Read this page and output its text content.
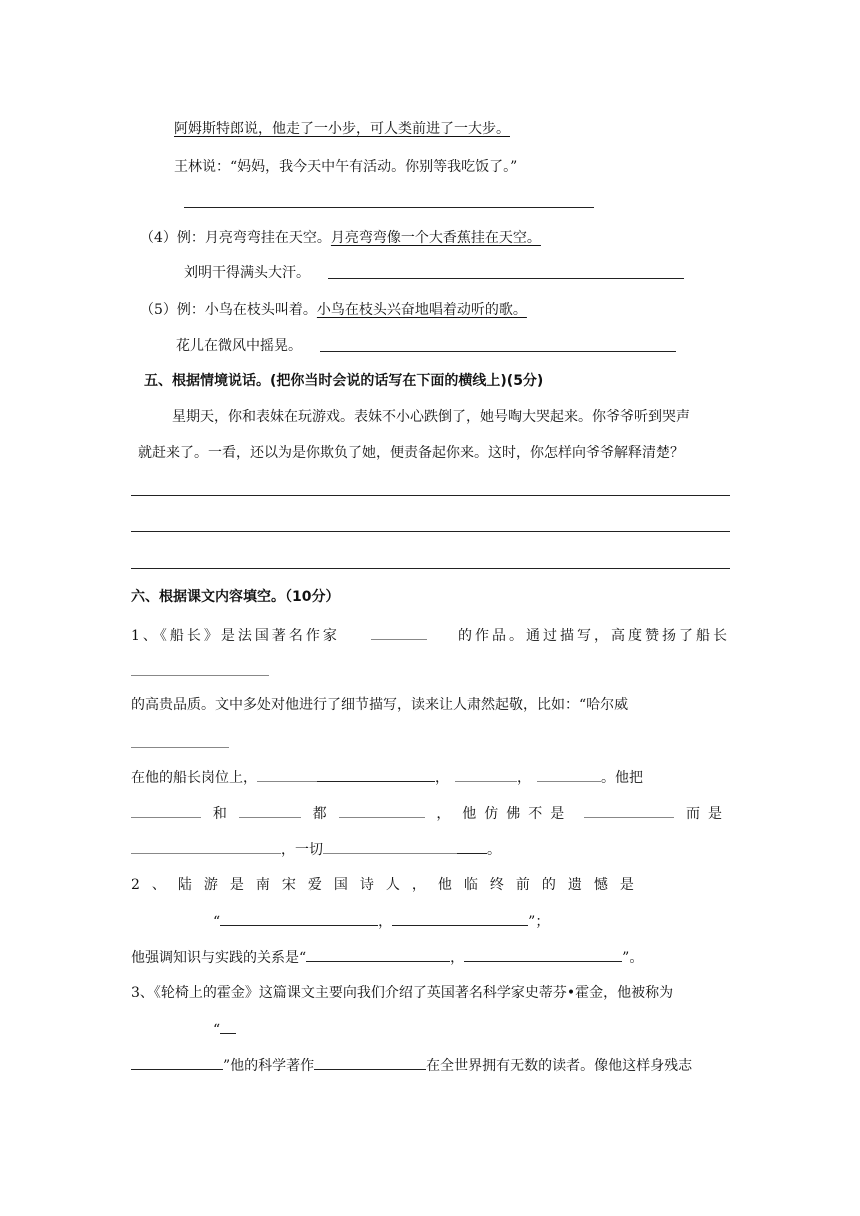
阿姆斯特郎说，他走了一小步，可人类前进了一大步。
王林说：“妈妈，我今天中午有活动。你别等我吃饭了。”
（4）例：月亮弯弯挂在天空。月亮弯弯像一个大香蕉挂在天空。
刘明干得满头大汗。
（5）例：小鸟在枝头叫着。小鸟在枝头兴奋地唱着动听的歌。
花儿在微风中摇晃。
五、根据情境说话。(把你当时会说的话写在下面的横线上)(5分)
星期天，你和表妹在玩游戏。表妹不小心跌倒了，她号啕大哭起来。你爷爷听到哭声
就赶来了。一看，还以为是你欺负了她，便责备起你来。这时，你怎样向爷爷解释清楚？
六、根据课文内容填空。（10分）
1、《船长》是法国著名作家	的作品。通过描写，高度赞扬了船长
的高贵品质。文中多处对他进行了细节描写，读来让人肃然起敬，比如：“哈尔威
在他的船长岗位上，	，	，	。他把
和	都	， 他仿佛不是	而是
，一切	。
2、陆游是南宋爱国诗人，他临终前的遗憾是
“	，	”；
他强调知识与实践的关系是“	，	”。
3、《轮椅上的霍金》这篇课文主要向我们介绍了英国著名科学家史蒂芬•霍金，他被称为
“
”他的科学著作	在全世界拥有无数的读者。像他这样身残志
